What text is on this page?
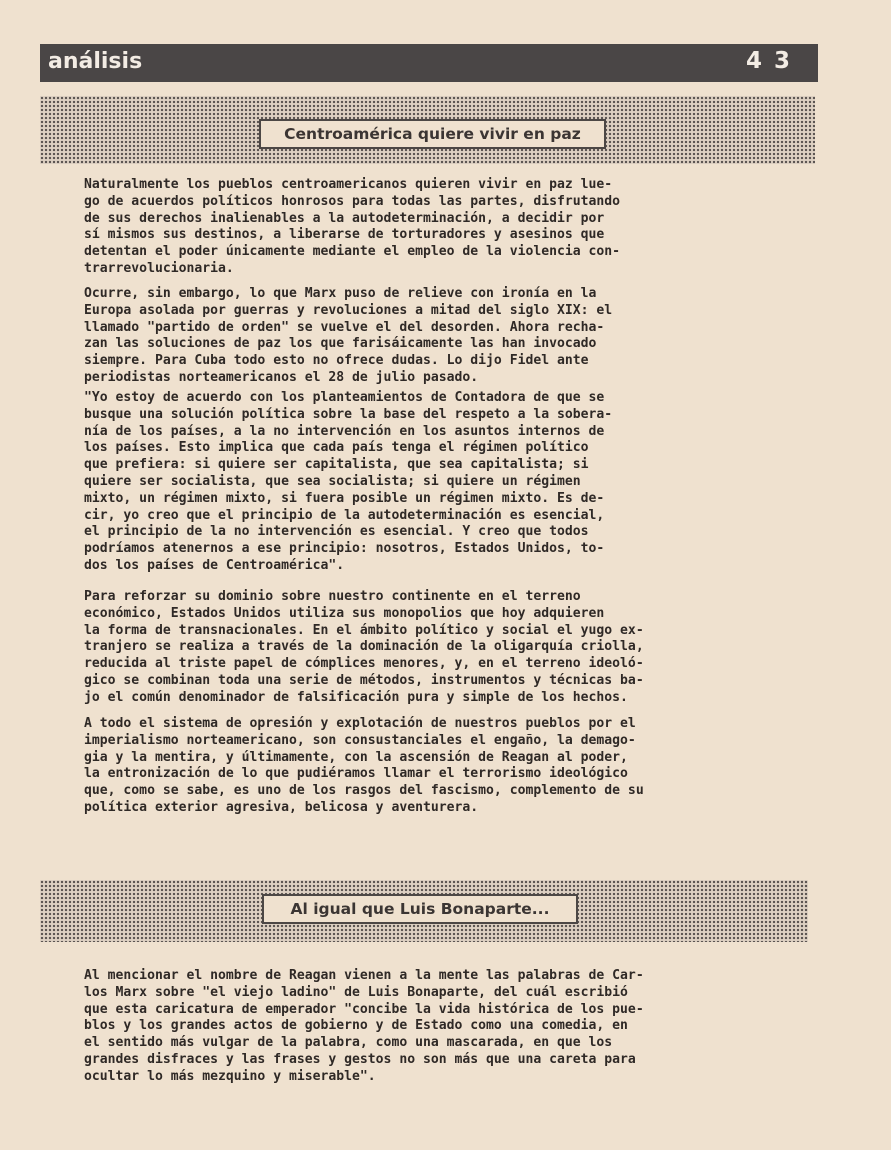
análisis	4 3
Centroamérica quiere vivir en paz

Naturalmente los pueblos centroamericanos quieren vivir en paz lue-
go de acuerdos políticos honrosos para todas las partes, disfrutando
de sus derechos inalienables a la autodeterminación, a decidir por
sí mismos sus destinos, a liberarse de torturadores y asesinos que
detentan el poder únicamente mediante el empleo de la violencia con-
trarrevolucionaria.

Ocurre, sin embargo, lo que Marx puso de relieve con ironía en la
Europa asolada por guerras y revoluciones a mitad del siglo XIX: el
llamado "partido de orden" se vuelve el del desorden. Ahora recha-
zan las soluciones de paz los que farisáicamente las han invocado
siempre. Para Cuba todo esto no ofrece dudas. Lo dijo Fidel ante
periodistas norteamericanos el 28 de julio pasado.

"Yo estoy de acuerdo con los planteamientos de Contadora de que se
busque una solución política sobre la base del respeto a la sobera-
nía de los países, a la no intervención en los asuntos internos de
los países. Esto implica que cada país tenga el régimen político
que prefiera: si quiere ser capitalista, que sea capitalista; si
quiere ser socialista, que sea socialista; si quiere un régimen
mixto, un régimen mixto, si fuera posible un régimen mixto. Es de-
cir, yo creo que el principio de la autodeterminación es esencial,
el principio de la no intervención es esencial. Y creo que todos
podríamos atenernos a ese principio: nosotros, Estados Unidos, to-
dos los países de Centroamérica".

Para reforzar su dominio sobre nuestro continente en el terreno
económico, Estados Unidos utiliza sus monopolios que hoy adquieren
la forma de transnacionales. En el ámbito político y social el yugo ex-
tranjero se realiza a través de la dominación de la oligarquía criolla,
reducida al triste papel de cómplices menores, y, en el terreno ideoló-
gico se combinan toda una serie de métodos, instrumentos y técnicas ba-
jo el común denominador de falsificación pura y simple de los hechos.

A todo el sistema de opresión y explotación de nuestros pueblos por el
imperialismo norteamericano, son consustanciales el engaño, la demago-
gia y la mentira, y últimamente, con la ascensión de Reagan al poder,
la entronización de lo que pudiéramos llamar el terrorismo ideológico
que, como se sabe, es uno de los rasgos del fascismo, complemento de su
política exterior agresiva, belicosa y aventurera.

Al igual que Luis Bonaparte...

Al mencionar el nombre de Reagan vienen a la mente las palabras de Car-
los Marx sobre "el viejo ladino" de Luis Bonaparte, del cuál escribió
que esta caricatura de emperador "concibe la vida histórica de los pue-
blos y los grandes actos de gobierno y de Estado como una comedia, en
el sentido más vulgar de la palabra, como una mascarada, en que los
grandes disfraces y las frases y gestos no son más que una careta para
ocultar lo más mezquino y miserable".
